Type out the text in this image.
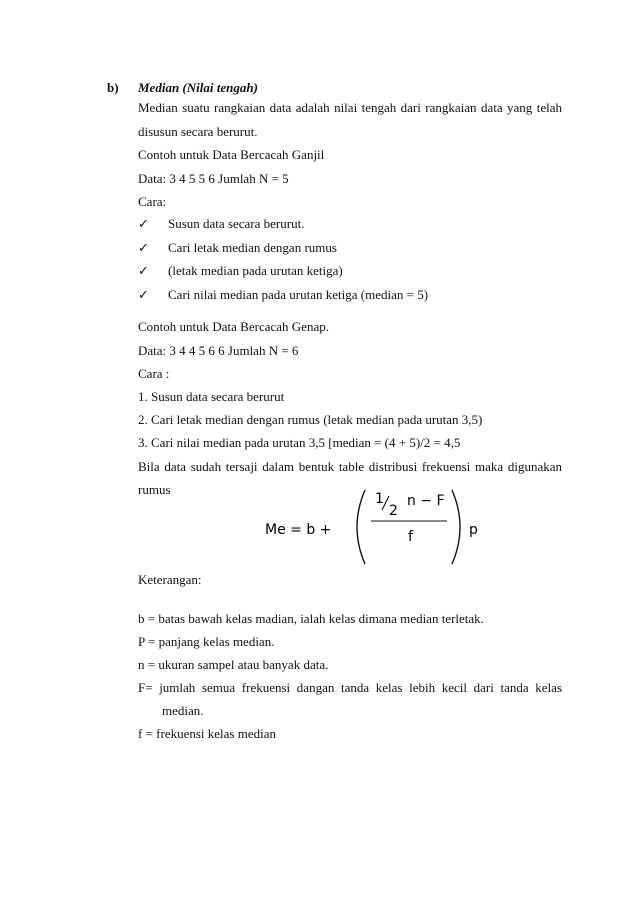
b) Median (Nilai tengah)
Median suatu rangkaian data adalah nilai tengah dari rangkaian data yang telah
disusun secara berurut.
Contoh untuk Data Bercacah Ganjil
Data: 3 4 5 5 6 Jumlah N = 5
Cara:
✓ Susun data secara berurut.
✓ Cari letak median dengan rumus
✓ (letak median pada urutan ketiga)
✓ Cari nilai median pada urutan ketiga (median = 5)
Contoh untuk Data Bercacah Genap.
Data: 3 4 4 5 6 6 Jumlah N = 6
Cara :
1. Susun data secara berurut
2. Cari letak median dengan rumus (letak median pada urutan 3,5)
3. Cari nilai median pada urutan 3,5 [median = (4 + 5)/2 = 4,5
Bila data sudah tersaji dalam bentuk table distribusi frekuensi maka digunakan
rumus
Me = b +
1
2
n − F
f	p
Keterangan:
b = batas bawah kelas madian, ialah kelas dimana median terletak.
P = panjang kelas median.
n = ukuran sampel atau banyak data.
F= jumlah semua frekuensi dangan tanda kelas lebih kecil dari tanda kelas
median.
f = frekuensi kelas median
